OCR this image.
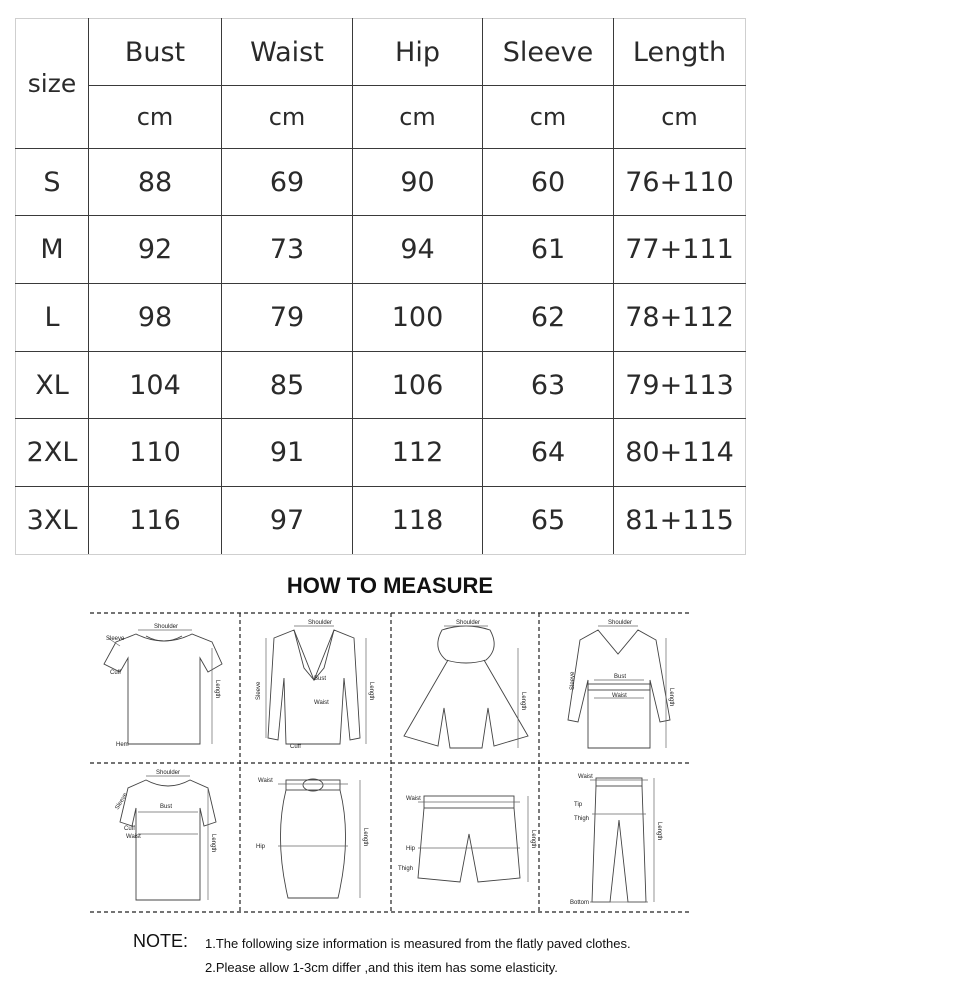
size	Bust	Waist	Hip	Sleeve	Length
	cm	cm	cm	cm	cm
S	88	69	90	60	76+110
M	92	73	94	61	77+111
L	98	79	100	62	78+112
XL	104	85	106	63	79+113
2XL	110	91	112	64	80+114
3XL	116	97	118	65	81+115
HOW TO MEASURE
Shoulder
Sleeve
Cuff
Hem
Length
Shoulder
Bust
Waist
Cuff
Sleeve	Length
Shoulder
Length
Shoulder
Bust
Waist
Sleeve
Length
Shoulder
Bust
Cuff
Waist
Sleeve
Length
Waist
Hip
Length
Waist
Hip
Thigh
Length
Waist
Tip
Thigh
Bottom
Length
NOTE: 1.The following size information is measured from the flatly paved clothes.
2.Please allow 1-3cm differ ,and this item has some elasticity.
